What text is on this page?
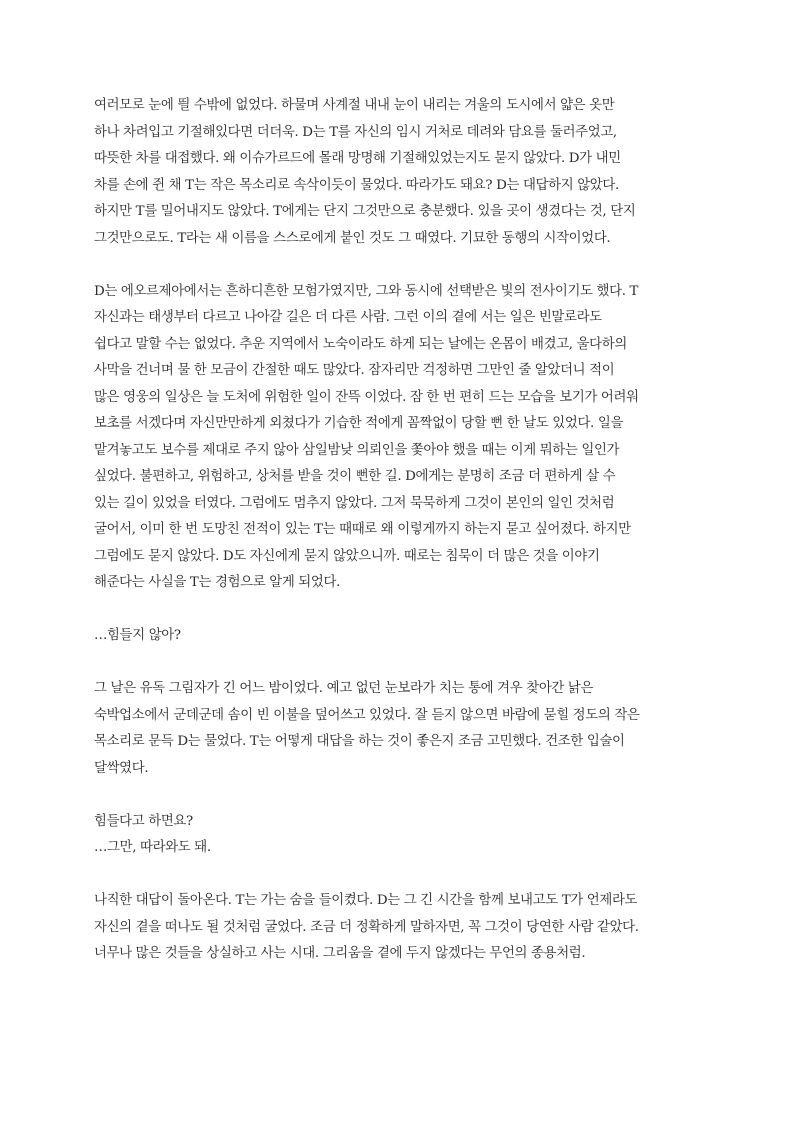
여러모로 눈에 띌 수밖에 없었다. 하물며 사계절 내내 눈이 내리는 겨울의 도시에서 얇은 옷만
하나 차려입고 기절해있다면 더더욱. D는 T를 자신의 임시 거처로 데려와 담요를 둘러주었고,
따뜻한 차를 대접했다. 왜 이슈가르드에 몰래 망명해 기절해있었는지도 묻지 않았다. D가 내민
차를 손에 쥔 채 T는 작은 목소리로 속삭이듯이 물었다. 따라가도 돼요? D는 대답하지 않았다.
하지만 T를 밀어내지도 않았다. T에게는 단지 그것만으로 충분했다. 있을 곳이 생겼다는 것, 단지
그것만으로도. T라는 새 이름을 스스로에게 붙인 것도 그 때였다. 기묘한 동행의 시작이었다.
D는 에오르제아에서는 흔하디흔한 모험가였지만, 그와 동시에 선택받은 빛의 전사이기도 했다. T
자신과는 태생부터 다르고 나아갈 길은 더 다른 사람. 그런 이의 곁에 서는 일은 빈말로라도
쉽다고 말할 수는 없었다. 추운 지역에서 노숙이라도 하게 되는 날에는 온몸이 배겼고, 울다하의
사막을 건너며 물 한 모금이 간절한 때도 많았다. 잠자리만 걱정하면 그만인 줄 알았더니 적이
많은 영웅의 일상은 늘 도처에 위험한 일이 잔뜩 이었다. 잠 한 번 편히 드는 모습을 보기가 어려워
보초를 서겠다며 자신만만하게 외쳤다가 기습한 적에게 꼼짝없이 당할 뻔 한 날도 있었다. 일을
맡겨놓고도 보수를 제대로 주지 않아 삼일밤낮 의뢰인을 쫓아야 했을 때는 이게 뭐하는 일인가
싶었다. 불편하고, 위험하고, 상처를 받을 것이 뻔한 길. D에게는 분명히 조금 더 편하게 살 수
있는 길이 있었을 터였다. 그럼에도 멈추지 않았다. 그저 묵묵하게 그것이 본인의 일인 것처럼
굴어서, 이미 한 번 도망친 전적이 있는 T는 때때로 왜 이렇게까지 하는지 묻고 싶어졌다. 하지만
그럼에도 묻지 않았다. D도 자신에게 묻지 않았으니까. 때로는 침묵이 더 많은 것을 이야기
해준다는 사실을 T는 경험으로 알게 되었다.
…힘들지 않아?
그 날은 유독 그림자가 긴 어느 밤이었다. 예고 없던 눈보라가 치는 통에 겨우 찾아간 낡은
숙박업소에서 군데군데 솜이 빈 이불을 덮어쓰고 있었다. 잘 듣지 않으면 바람에 묻힐 정도의 작은
목소리로 문득 D는 물었다. T는 어떻게 대답을 하는 것이 좋은지 조금 고민했다. 건조한 입술이
달싹였다.
힘들다고 하면요?
…그만, 따라와도 돼.
나직한 대답이 돌아온다. T는 가는 숨을 들이켰다. D는 그 긴 시간을 함께 보내고도 T가 언제라도
자신의 곁을 떠나도 될 것처럼 굴었다. 조금 더 정확하게 말하자면, 꼭 그것이 당연한 사람 같았다.
너무나 많은 것들을 상실하고 사는 시대. 그리움을 곁에 두지 않겠다는 무언의 종용처럼.
